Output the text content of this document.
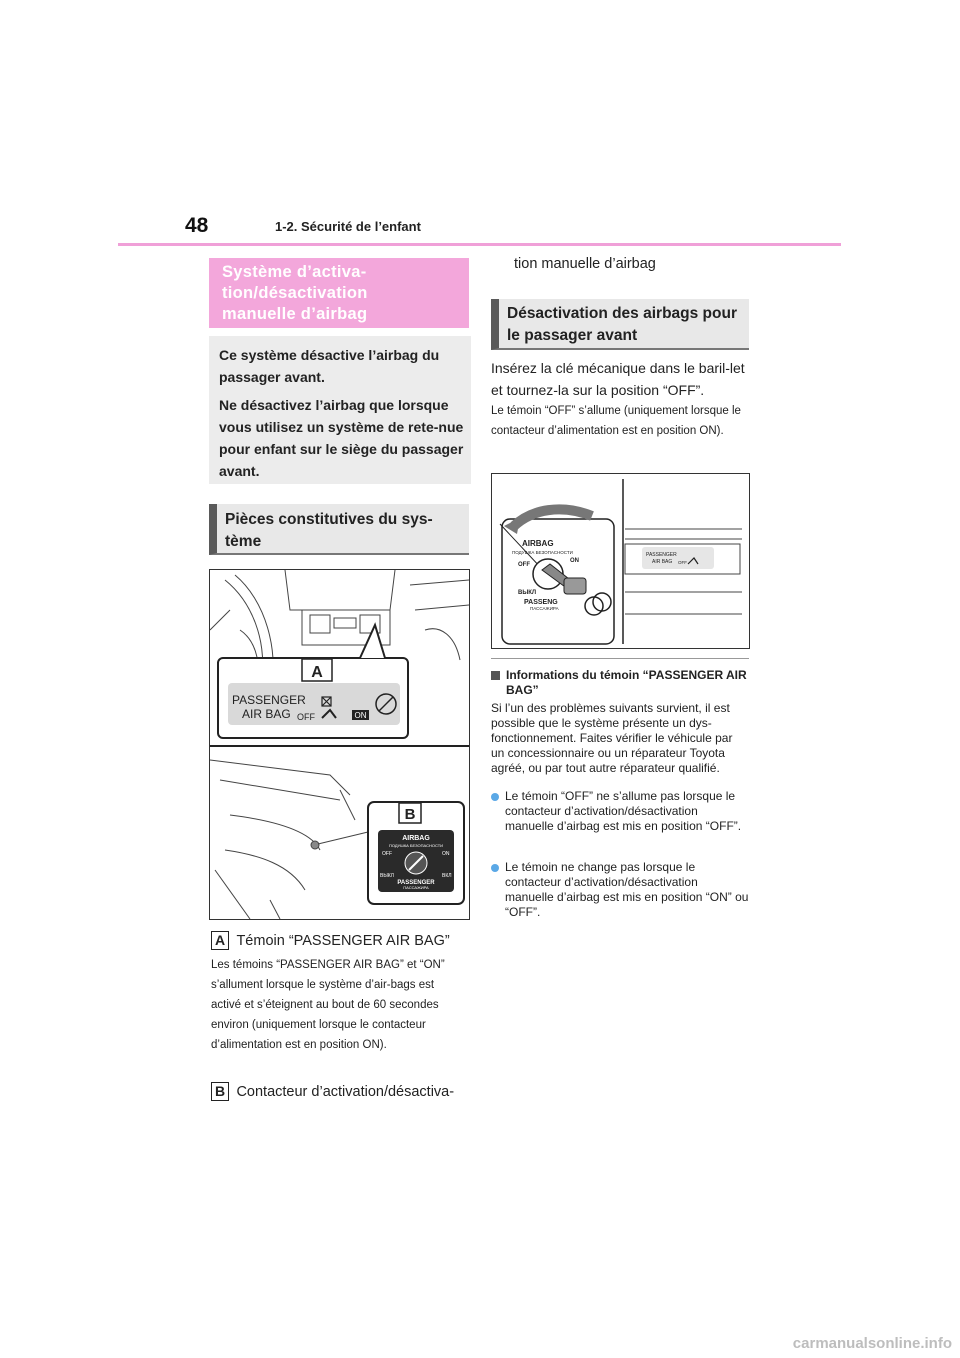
48	1-2. Sécurité de l’enfant
Système d’activa-
tion/désactivation
manuelle d’airbag

Ce système désactive l’airbag du passager avant.

Ne désactivez l’airbag que lorsque vous utilisez un système de rete-nue pour enfant sur le siège du passager avant.

Pièces constitutives du sys-
tème
A
PASSENGER
AIR BAG OFF	ON
B
AIRBAG
ПОДУШКА БЕЗОПАСНОСТИ
OFF	ON
ВЫКЛ	ВКЛ
PASSENGER
ПАССАЖИРА
A Témoin “PASSENGER AIR BAG”
Les témoins “PASSENGER AIR BAG” et “ON” s’allument lorsque le système d’air-bags est activé et s’éteignent au bout de 60 secondes environ (uniquement lorsque le contacteur d’alimentation est en position ON).
B Contacteur d’activation/désactiva-
tion manuelle d’airbag
Désactivation des airbags pour
le passager avant
Insérez la clé mécanique dans le baril-let et tournez-la sur la position “OFF”.
Le témoin “OFF” s’allume (uniquement lorsque le contacteur d’alimentation est en position ON).
AIRBAG
ПОДУШКА БЕЗОПАСНОСТИ
OFF
ON
ВЫКЛ
PASSENG
ПАССАЖИРА
PASSENGER
AIR BAG OFF
Informations du témoin “PASSENGER AIR BAG”
Si l’un des problèmes suivants survient, il est possible que le système présente un dys-fonctionnement. Faites vérifier le véhicule par un concessionnaire ou un réparateur Toyota agréé, ou par tout autre réparateur qualifié.
Le témoin “OFF” ne s’allume pas lorsque le contacteur d’activation/désactivation manuelle d’airbag est mis en position “OFF”.
Le témoin ne change pas lorsque le contacteur d’activation/désactivation manuelle d’airbag est mis en position “ON” ou “OFF”.
carmanualsonline.info
